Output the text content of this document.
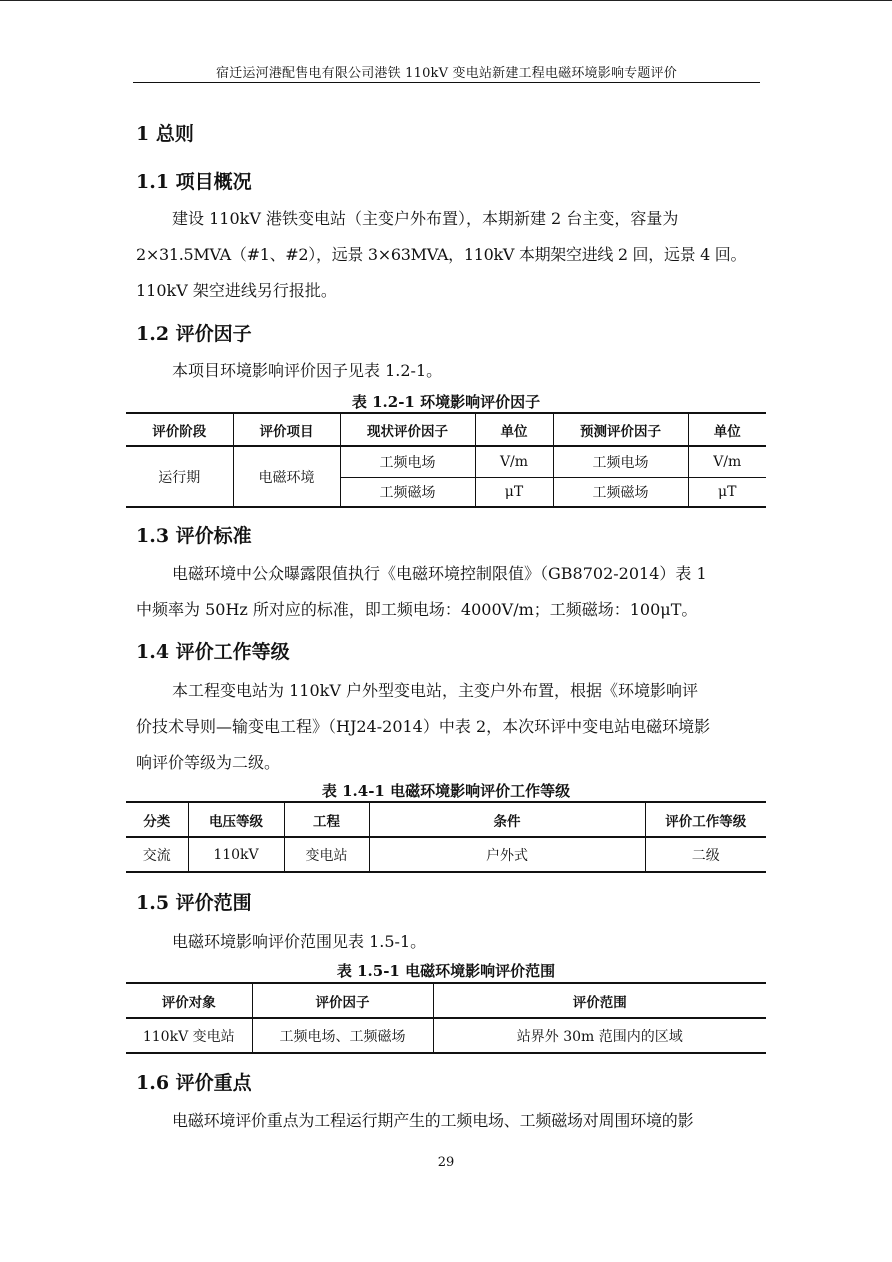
宿迁运河港配售电有限公司港铁 110kV 变电站新建工程电磁环境影响专题评价
1 总则
1.1 项目概况
建设 110kV 港铁变电站（主变户外布置），本期新建 2 台主变，容量为
2×31.5MVA（#1、#2），远景 3×63MVA，110kV 本期架空进线 2 回，远景 4 回。
110kV 架空进线另行报批。
1.2 评价因子
本项目环境影响评价因子见表 1.2-1。
表 1.2-1 环境影响评价因子
评价阶段	评价项目	现状评价因子	单位	预测评价因子	单位
运行期	电磁环境	工频电场	V/m	工频电场	V/m
		工频磁场	μT	工频磁场	μT
1.3 评价标准
电磁环境中公众曝露限值执行《电磁环境控制限值》（GB8702-2014）表 1
中频率为 50Hz 所对应的标准，即工频电场：4000V/m；工频磁场：100μT。
1.4 评价工作等级
本工程变电站为 110kV 户外型变电站，主变户外布置，根据《环境影响评
价技术导则—输变电工程》（HJ24-2014）中表 2，本次环评中变电站电磁环境影
响评价等级为二级。
表 1.4-1 电磁环境影响评价工作等级
分类	电压等级	工程	条件	评价工作等级
交流	110kV	变电站	户外式	二级
1.5 评价范围
电磁环境影响评价范围见表 1.5-1。
表 1.5-1 电磁环境影响评价范围
评价对象	评价因子	评价范围
110kV 变电站	工频电场、工频磁场	站界外 30m 范围内的区域
1.6 评价重点
电磁环境评价重点为工程运行期产生的工频电场、工频磁场对周围环境的影
29
